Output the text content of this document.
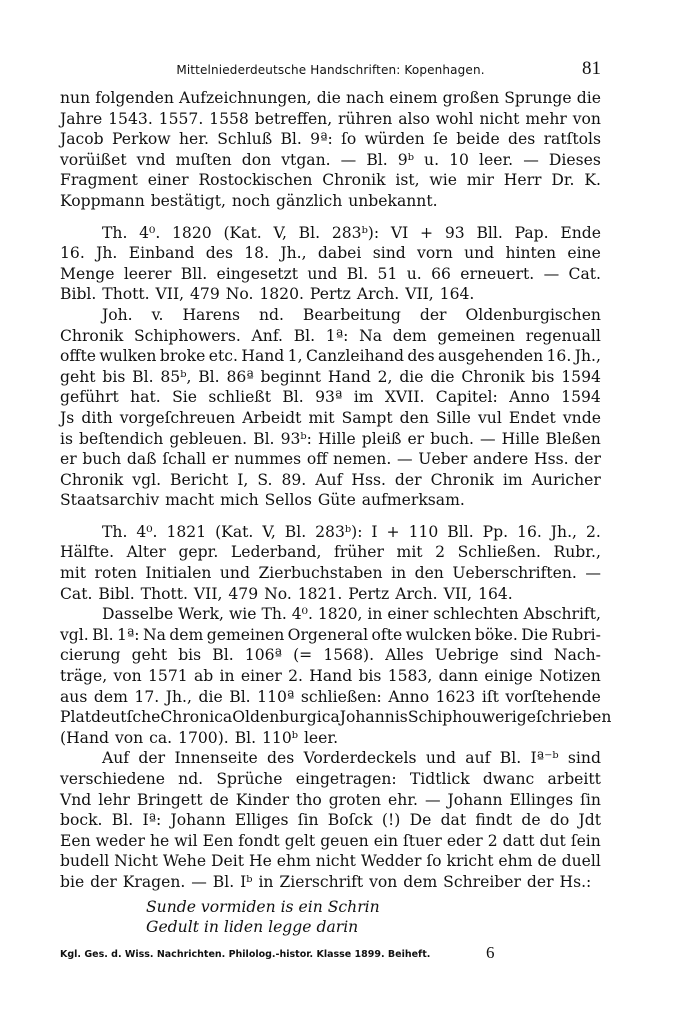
Mittelniederdeutsche Handschriften: Kopenhagen.	81
nun folgenden Aufzeichnungen, die nach einem großen Sprunge die
Jahre 1543. 1557. 1558 betreffen, rühren also wohl nicht mehr von
Jacob Perkow her. Schluß Bl. 9ª: ſo würden ſe beide des ratſtols
vorüißet vnd muſten don vtgan. — Bl. 9ᵇ u. 10 leer. — Dieses
Fragment einer Rostockischen Chronik ist, wie mir Herr Dr. K.
Koppmann bestätigt, noch gänzlich unbekannt.
Th. 4⁰. 1820 (Kat. V, Bl. 283ᵇ): VI + 93 Bll. Pap. Ende
16. Jh. Einband des 18. Jh., dabei sind vorn und hinten eine
Menge leerer Bll. eingesetzt und Bl. 51 u. 66 erneuert. — Cat.
Bibl. Thott. VII, 479 No. 1820. Pertz Arch. VII, 164.
Joh. v. Harens nd. Bearbeitung der Oldenburgischen
Chronik Schiphowers. Anf. Bl. 1ª: Na dem gemeinen regenuall
offte wulken broke etc. Hand 1, Canzleihand des ausgehenden 16. Jh.,
geht bis Bl. 85ᵇ, Bl. 86ª beginnt Hand 2, die die Chronik bis 1594
geführt hat. Sie schließt Bl. 93ª im XVII. Capitel: Anno 1594
Js dith vorgeſchreuen Arbeidt mit Sampt den Sille vul Endet vnde
is beſtendich gebleuen. Bl. 93ᵇ: Hille pleiß er buch. — Hille Bleßen
er buch daß ſchall er nummes off nemen. — Ueber andere Hss. der
Chronik vgl. Bericht I, S. 89. Auf Hss. der Chronik im Auricher
Staatsarchiv macht mich Sellos Güte aufmerksam.
Th. 4⁰. 1821 (Kat. V, Bl. 283ᵇ): I + 110 Bll. Pp. 16. Jh., 2.
Hälfte. Alter gepr. Lederband, früher mit 2 Schließen. Rubr.,
mit roten Initialen und Zierbuchstaben in den Ueberschriften. —
Cat. Bibl. Thott. VII, 479 No. 1821. Pertz Arch. VII, 164.
Dasselbe Werk, wie Th. 4⁰. 1820, in einer schlechten Abschrift,
vgl. Bl. 1ª: Na dem gemeinen Orgeneral ofte wulcken böke. Die Rubri-
cierung geht bis Bl. 106ª (= 1568). Alles Uebrige sind Nach-
träge, von 1571 ab in einer 2. Hand bis 1583, dann einige Notizen
aus dem 17. Jh., die Bl. 110ª schließen: Anno 1623 iſt vorſtehende
Plat deutſche Chronica Oldenburgica Johannis Schiphouweri geſchrieben
(Hand von ca. 1700). Bl. 110ᵇ leer.
Auf der Innenseite des Vorderdeckels und auf Bl. Iª⁻ᵇ sind
verschiedene nd. Sprüche eingetragen: Tidtlick dwanc arbeitt
Vnd lehr Bringett de Kinder tho groten ehr. — Johann Ellinges ſin
bock. Bl. Iª: Johann Elliges ſin Boſck (!) De dat findt de do Jdt
Een weder he wil Een fondt gelt geuen ein ſtuer eder 2 datt dut ſein
budell Nicht Wehe Deit He ehm nicht Wedder ſo kricht ehm de duell
bie der Kragen. — Bl. Iᵇ in Zierschrift von dem Schreiber der Hs.:
Sunde vormiden is ein Schrin
Gedult in liden legge darin
Kgl. Ges. d. Wiss. Nachrichten. Philolog.-histor. Klasse 1899. Beiheft.	6
